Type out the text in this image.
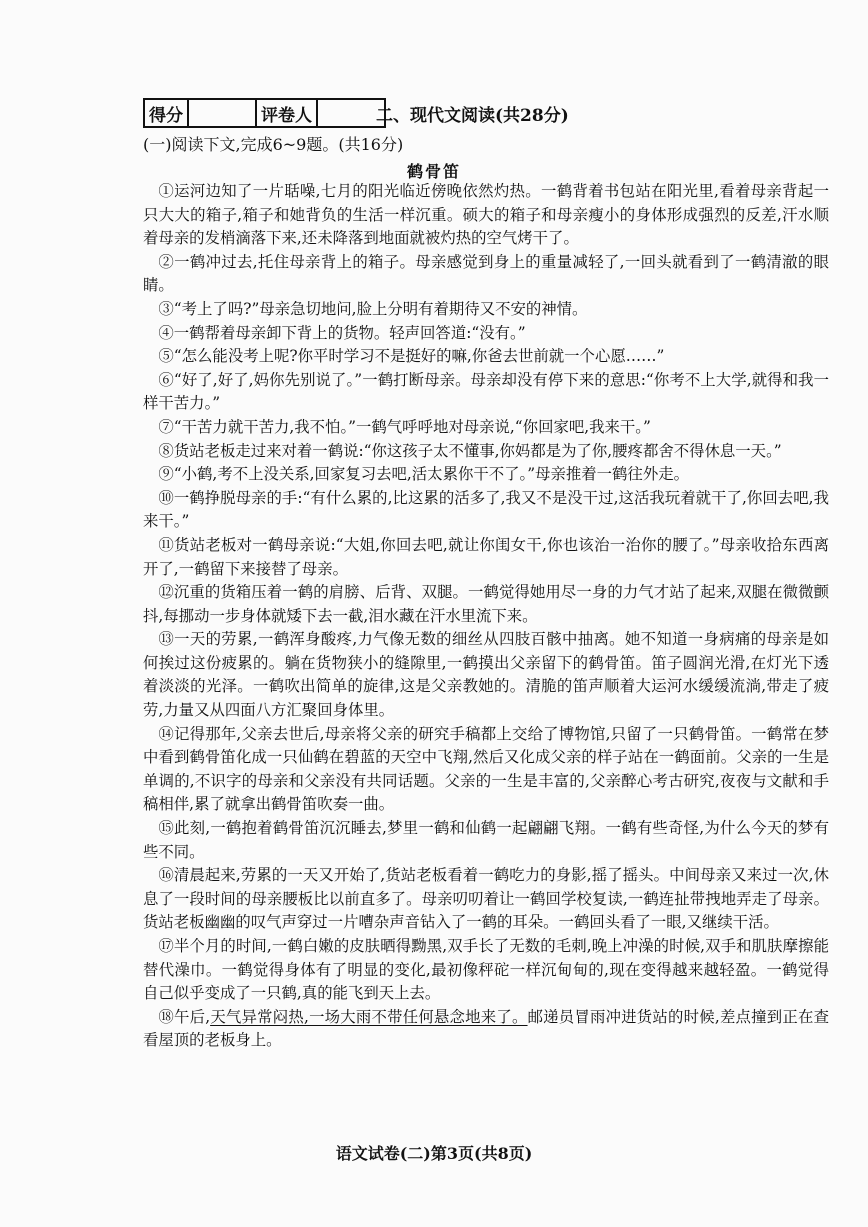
得分		评卷人		二、现代文阅读(共28分)
(一)阅读下文,完成6~9题。(共16分)
鹤骨笛

①运河边知了一片聒噪,七月的阳光临近傍晚依然灼热。一鹤背着书包站在阳光里,看着母亲背起一只大大的箱子,箱子和她背负的生活一样沉重。硕大的箱子和母亲瘦小的身体形成强烈的反差,汗水顺着母亲的发梢滴落下来,还未降落到地面就被灼热的空气烤干了。

②一鹤冲过去,托住母亲背上的箱子。母亲感觉到身上的重量减轻了,一回头就看到了一鹤清澈的眼睛。

③“考上了吗?”母亲急切地问,脸上分明有着期待又不安的神情。

④一鹤帮着母亲卸下背上的货物。轻声回答道:“没有。”

⑤“怎么能没考上呢?你平时学习不是挺好的嘛,你爸去世前就一个心愿……”

⑥“好了,好了,妈你先别说了。”一鹤打断母亲。母亲却没有停下来的意思:“你考不上大学,就得和我一样干苦力。”

⑦“干苦力就干苦力,我不怕。”一鹤气呼呼地对母亲说,“你回家吧,我来干。”

⑧货站老板走过来对着一鹤说:“你这孩子太不懂事,你妈都是为了你,腰疼都舍不得休息一天。”

⑨“小鹤,考不上没关系,回家复习去吧,活太累你干不了。”母亲推着一鹤往外走。

⑩一鹤挣脱母亲的手:“有什么累的,比这累的活多了,我又不是没干过,这活我玩着就干了,你回去吧,我来干。”

⑪货站老板对一鹤母亲说:“大姐,你回去吧,就让你闺女干,你也该治一治你的腰了。”母亲收拾东西离开了,一鹤留下来接替了母亲。

⑫沉重的货箱压着一鹤的肩膀、后背、双腿。一鹤觉得她用尽一身的力气才站了起来,双腿在微微颤抖,每挪动一步身体就矮下去一截,泪水藏在汗水里流下来。

⑬一天的劳累,一鹤浑身酸疼,力气像无数的细丝从四肢百骸中抽离。她不知道一身病痛的母亲是如何挨过这份疲累的。躺在货物狭小的缝隙里,一鹤摸出父亲留下的鹤骨笛。笛子圆润光滑,在灯光下透着淡淡的光泽。一鹤吹出简单的旋律,这是父亲教她的。清脆的笛声顺着大运河水缓缓流淌,带走了疲劳,力量又从四面八方汇聚回身体里。

⑭记得那年,父亲去世后,母亲将父亲的研究手稿都上交给了博物馆,只留了一只鹤骨笛。一鹤常在梦中看到鹤骨笛化成一只仙鹤在碧蓝的天空中飞翔,然后又化成父亲的样子站在一鹤面前。父亲的一生是单调的,不识字的母亲和父亲没有共同话题。父亲的一生是丰富的,父亲醉心考古研究,夜夜与文献和手稿相伴,累了就拿出鹤骨笛吹奏一曲。

⑮此刻,一鹤抱着鹤骨笛沉沉睡去,梦里一鹤和仙鹤一起翩翩飞翔。一鹤有些奇怪,为什么今天的梦有些不同。

⑯清晨起来,劳累的一天又开始了,货站老板看着一鹤吃力的身影,摇了摇头。中间母亲又来过一次,休息了一段时间的母亲腰板比以前直多了。母亲叨叨着让一鹤回学校复读,一鹤连扯带拽地弄走了母亲。货站老板幽幽的叹气声穿过一片嘈杂声音钻入了一鹤的耳朵。一鹤回头看了一眼,又继续干活。

⑰半个月的时间,一鹤白嫩的皮肤晒得黝黑,双手长了无数的毛刺,晚上冲澡的时候,双手和肌肤摩擦能替代澡巾。一鹤觉得身体有了明显的变化,最初像秤砣一样沉甸甸的,现在变得越来越轻盈。一鹤觉得自己似乎变成了一只鹤,真的能飞到天上去。

⑱午后,天气异常闷热,一场大雨不带任何悬念地来了。邮递员冒雨冲进货站的时候,差点撞到正在查看屋顶的老板身上。

语文试卷(二)第3页(共8页)
